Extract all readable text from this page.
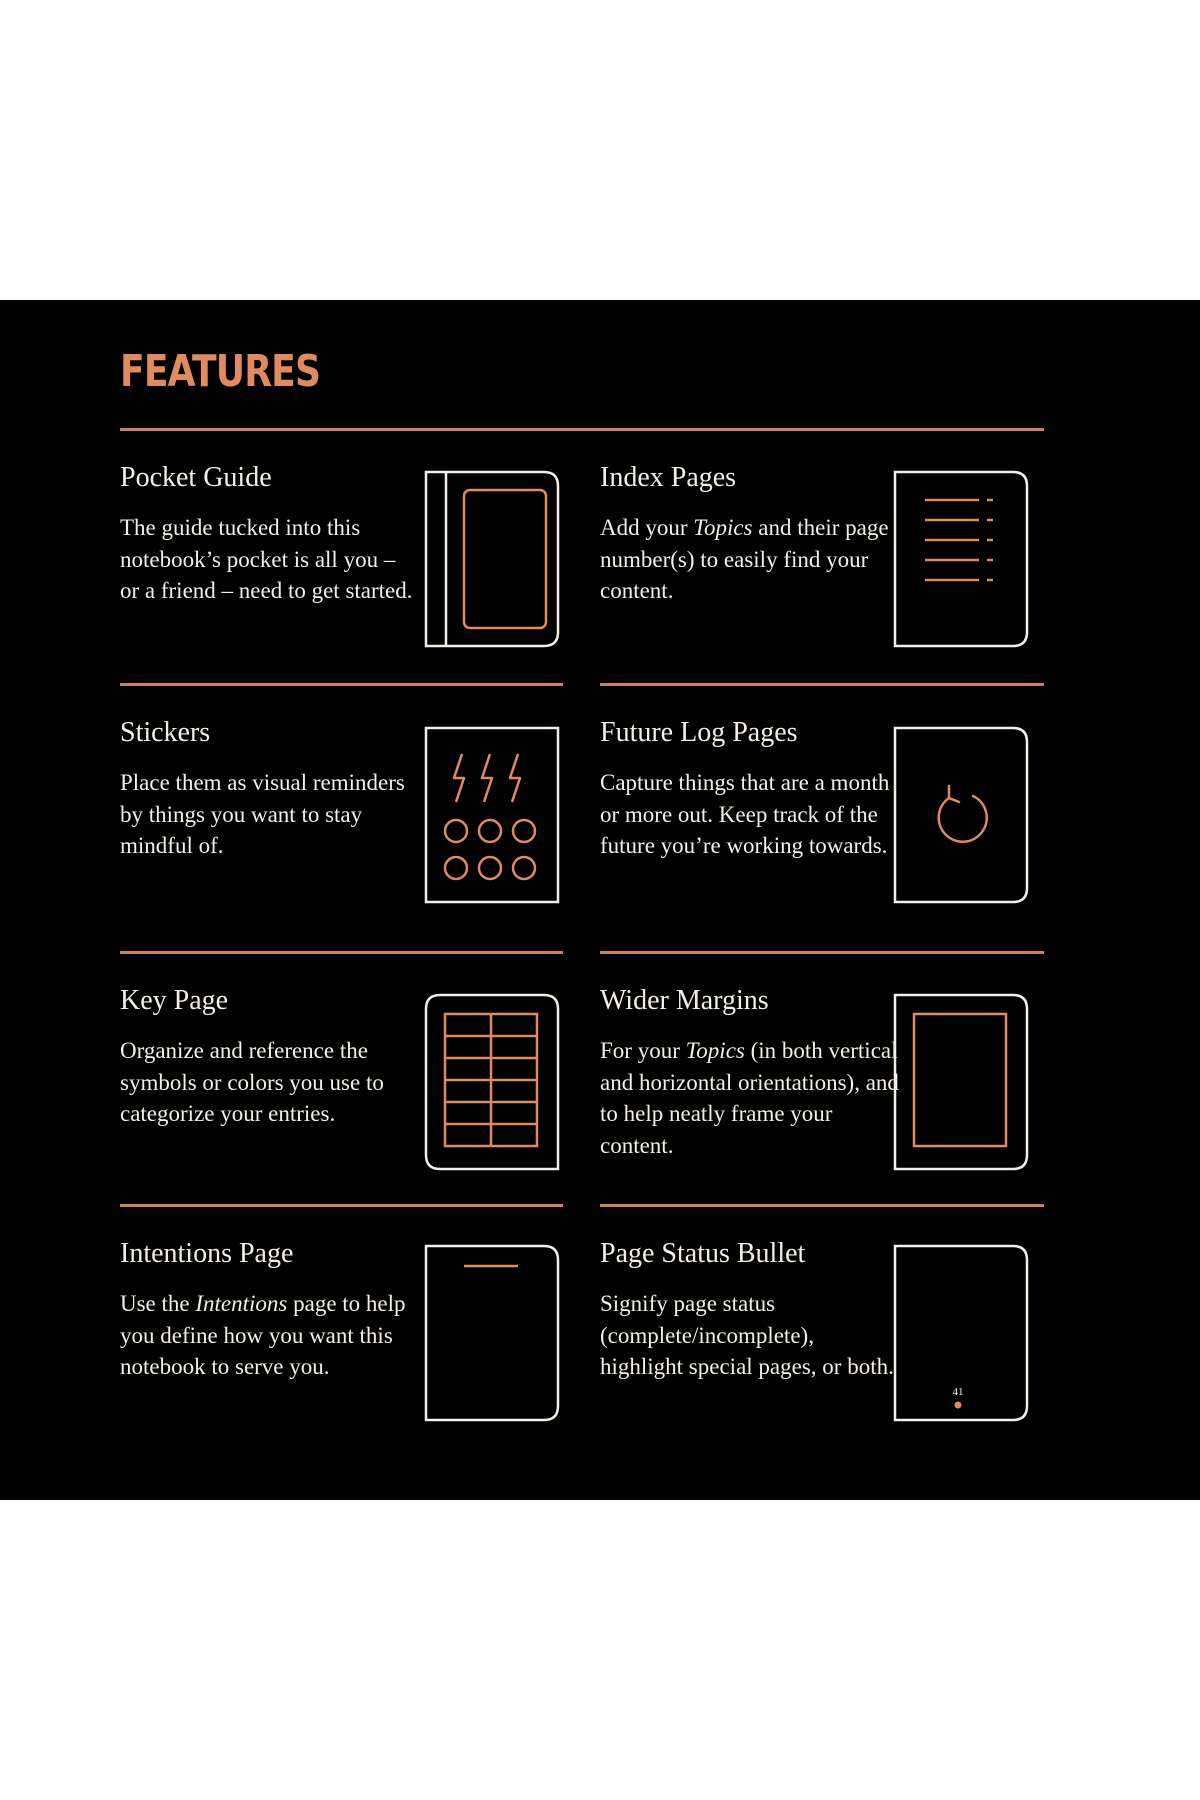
FEATURES
Pocket Guide

The guide tucked into this notebook’s pocket is all you – or a friend – need to get started.

Index Pages

Add your Topics and their page number(s) to easily find your content.

Stickers

Place them as visual reminders by things you want to stay mindful of.

Future Log Pages

Capture things that are a month or more out. Keep track of the future you’re working towards.

Key Page

Organize and reference the symbols or colors you use to categorize your entries.

Wider Margins

For your Topics (in both vertical and horizontal orientations), and to help neatly frame your content.

Intentions Page

Use the Intentions page to help you define how you want this notebook to serve you.

Page Status Bullet

Signify page status (complete/incomplete), highlight special pages, or both.

41
